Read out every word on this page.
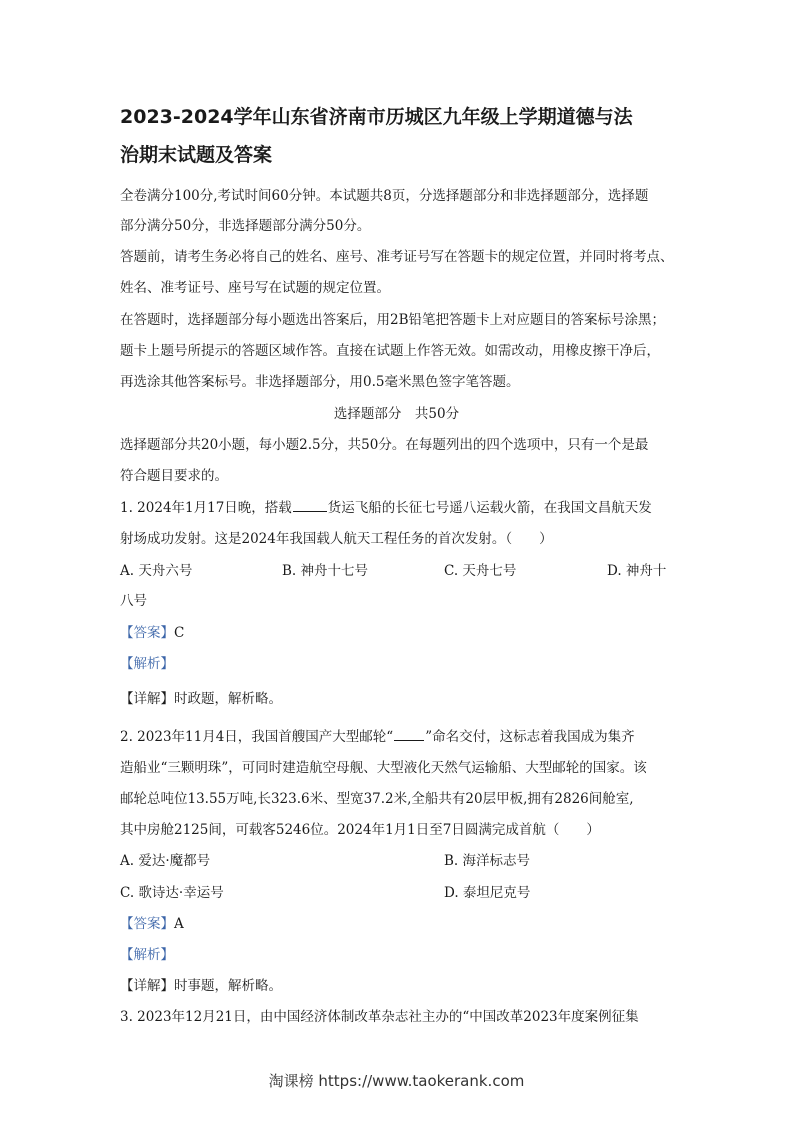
2023-2024学年山东省济南市历城区九年级上学期道德与法
治期末试题及答案
全卷满分100分,考试时间60分钟。本试题共8页，分选择题部分和非选择题部分，选择题
部分满分50分，非选择题部分满分50分。
答题前，请考生务必将自己的姓名、座号、准考证号写在答题卡的规定位置，并同时将考点、
姓名、准考证号、座号写在试题的规定位置。
在答题时，选择题部分每小题选出答案后，用2B铅笔把答题卡上对应题目的答案标号涂黑；
题卡上题号所提示的答题区域作答。直接在试题上作答无效。如需改动，用橡皮擦干净后，
再选涂其他答案标号。非选择题部分，用0.5毫米黑色签字笔答题。
选择题部分　共50分
选择题部分共20小题，每小题2.5分，共50分。在每题列出的四个选项中，只有一个是最
符合题目要求的。
1. 2024年1月17日晚，搭载	货运飞船的长征七号遥八运载火箭，在我国文昌航天发
射场成功发射。这是2024年我国载人航天工程任务的首次发射。（　　）
A. 天舟六号	B. 神舟十七号	C. 天舟七号	D. 神舟十
八号
【答案】C
【解析】
【详解】时政题，解析略。
2. 2023年11月4日，我国首艘国产大型邮轮“ ”命名交付，这标志着我国成为集齐
造船业“三颗明珠”，可同时建造航空母舰、大型液化天然气运输船、大型邮轮的国家。该
邮轮总吨位13.55万吨,长323.6米、型宽37.2米,全船共有20层甲板,拥有2826间舱室,
其中房舱2125间，可载客5246位。2024年1月1日至7日圆满完成首航（　　）
A. 爱达·魔都号	B. 海洋标志号
C. 歌诗达·幸运号	D. 泰坦尼克号
【答案】A
【解析】
【详解】时事题，解析略。
3. 2023年12月21日，由中国经济体制改革杂志社主办的“中国改革2023年度案例征集
淘课榜 https://www.taokerank.com
